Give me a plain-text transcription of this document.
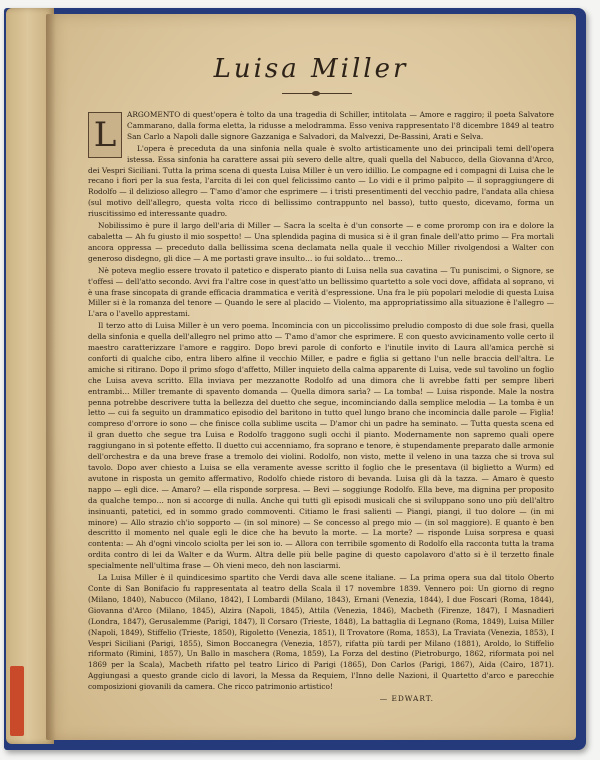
Luisa Miller

L
ARGOMENTO di quest'opera è tolto da una tragedia di Schiller, intitolata — Amore e raggiro; il poeta Salvatore Cammarano, dalla forma eletta, la ridusse a melodramma. Esso veniva rappresentato l'8 dicembre 1849 al teatro San Carlo a Napoli dalle signore Gazzaniga e Salvadori, da Malvezzi, De-Bassini, Arati e Selva.

L'opera è preceduta da una sinfonia nella quale è svolto artisticamente uno dei principali temi dell'opera istessa. Essa sinfonia ha carattere assai più severo delle altre, quali quella del Nabucco, della Giovanna d'Arco, dei Vespri Siciliani. Tutta la prima scena di questa Luisa Miller è un vero idillio. Le compagne ed i compagni di Luisa che le recano i fiori per la sua festa, l'arcita di lei con quel felicissimo canto — Lo vidi e il primo palpito — il sopraggiungere di Rodolfo — il delizioso allegro — T'amo d'amor che esprimere — i tristi presentimenti del vecchio padre, l'andata alla chiesa (sul motivo dell'allegro, questa volta ricco di bellissimo contrappunto nel basso), tutto questo, dicevamo, forma un riuscitissimo ed interessante quadro.

Nobilissimo è pure il largo dell'aria di Miller — Sacra la scelta è d'un consorte — e come proromp con ira e dolore la cabaletta — Ah fu giusto il mio sospetto! — Una splendida pagina di musica si è il gran finale dell'atto primo — Fra mortali ancora oppressa — preceduto dalla bellissima scena declamata nella quale il vecchio Miller rivolgendosi a Walter con generoso disdegno, gli dice — A me portasti grave insulto… io fui soldato… tremo…

Nè poteva meglio essere trovato il patetico e disperato pianto di Luisa nella sua cavatina — Tu puniscimi, o Signore, se t'offesi — dell'atto secondo. Avvi fra l'altre cose in quest'atto un bellissimo quartetto a sole voci dove, affidata al soprano, vi è una frase sincopata di grande efficacia drammatica e verità d'espressione. Una fra le più popolari melodie di questa Luisa Miller si è la romanza del tenore — Quando le sere al placido — Violento, ma appropriatissimo alla situazione è l'allegro — L'ara o l'avello apprestami.

Il terzo atto di Luisa Miller è un vero poema. Incomincia con un piccolissimo preludio composto di due sole frasi, quella della sinfonia e quella dell'allegro nel primo atto — T'amo d'amor che esprimere. E con questo avvicinamento volle certo il maestro caratterizzare l'amore e raggiro. Dopo brevi parole di conforto e l'inutile invito di Laura all'amica perchè si conforti di qualche cibo, entra libero alfine il vecchio Miller, e padre e figlia si gettano l'un nelle braccia dell'altra. Le amiche si ritirano. Dopo il primo sfogo d'affetto, Miller inquieto della calma apparente di Luisa, vede sul tavolino un foglio che Luisa aveva scritto. Ella inviava per mezzanotte Rodolfo ad una dimora che li avrebbe fatti per sempre liberi entrambi… Miller tremante di spavento domanda — Quella dimora sarìa? — La tomba! — Luisa risponde. Male la nostra penna potrebbe descrivere tutta la bellezza del duetto che segue, incominciando dalla semplice melodia — La tomba è un letto — cui fa seguito un drammatico episodio del baritono in tutto quel lungo brano che incomincia dalle parole — Figlia! compreso d'orrore io sono — che finisce colla sublime uscita — D'amor chi un padre ha seminato. — Tutta questa scena ed il gran duetto che segue tra Luisa e Rodolfo traggono sugli occhi il pianto. Modernamente non sapremo quali opere raggiungano in sì potente effetto. Il duetto cui accenniamo, fra soprano e tenore, è stupendamente preparato dalle armonie dell'orchestra e da una breve frase a tremolo dei violini. Rodolfo, non visto, mette il veleno in una tazza che si trova sul tavolo. Dopo aver chiesto a Luisa se ella veramente avesse scritto il foglio che le presentava (il biglietto a Wurm) ed avutone in risposta un gemito affermativo, Rodolfo chiede ristoro di bevanda. Luisa gli dà la tazza. — Amaro è questo nappo — egli dice. — Amaro? — ella risponde sorpresa. — Bevi — soggiunge Rodolfo. Ella beve, ma dignina per proposito da qualche tempo… non si accorge di nulla. Anche qui tutti gli episodi musicali che si sviluppano sono uno più dell'altro insinuanti, patetici, ed in sommo grado commoventi. Citiamo le frasi salienti — Piangi, piangi, il tuo dolore — (in mi minore) — Allo strazio ch'io sopporto — (in sol minore) — Se concesso al prego mio — (in sol maggiore). E quanto è ben descritto il momento nel quale egli le dice che ha bevuto la morte. — La morte? — risponde Luisa sorpresa e quasi contenta: — Ah d'ogni vincolo sciolta per lei son io. — Allora con terribile sgomento di Rodolfo ella racconta tutta la trama ordita contro di lei da Walter e da Wurm. Altra delle più belle pagine di questo capolavoro d'atto si è il terzetto finale specialmente nell'ultima frase — Oh vieni meco, deh non lasciarmi.

La Luisa Miller è il quindicesimo spartito che Verdi dava alle scene italiane. — La prima opera sua dal titolo Oberto Conte di San Bonifacio fu rappresentata al teatro della Scala il 17 novembre 1839. Vennero poi: Un giorno di regno (Milano, 1840), Nabucco (Milano, 1842), I Lombardi (Milano, 1843), Ernani (Venezia, 1844), I due Foscari (Roma, 1844), Giovanna d'Arco (Milano, 1845), Alzira (Napoli, 1845), Attila (Venezia, 1846), Macbeth (Firenze, 1847), I Masnadieri (Londra, 1847), Gerusalemme (Parigi, 1847), Il Corsaro (Trieste, 1848), La battaglia di Legnano (Roma, 1849), Luisa Miller (Napoli, 1849), Stiffelio (Trieste, 1850), Rigoletto (Venezia, 1851), Il Trovatore (Roma, 1853), La Traviata (Venezia, 1853), I Vespri Siciliani (Parigi, 1855), Simon Boccanegra (Venezia, 1857), rifatta più tardi per Milano (1881), Aroldo, lo Stiffelio riformato (Rimini, 1857), Un Ballo in maschera (Roma, 1859), La Forza del destino (Pietroburgo, 1862, riformata poi nel 1869 per la Scala), Macbeth rifatto pel teatro Lirico di Parigi (1865), Don Carlos (Parigi, 1867), Aida (Cairo, 1871). Aggiungasi a questo grande ciclo di lavori, la Messa da Requiem, l'Inno delle Nazioni, il Quartetto d'arco e parecchie composizioni giovanili da camera. Che ricco patrimonio artistico!

— EDWART.
